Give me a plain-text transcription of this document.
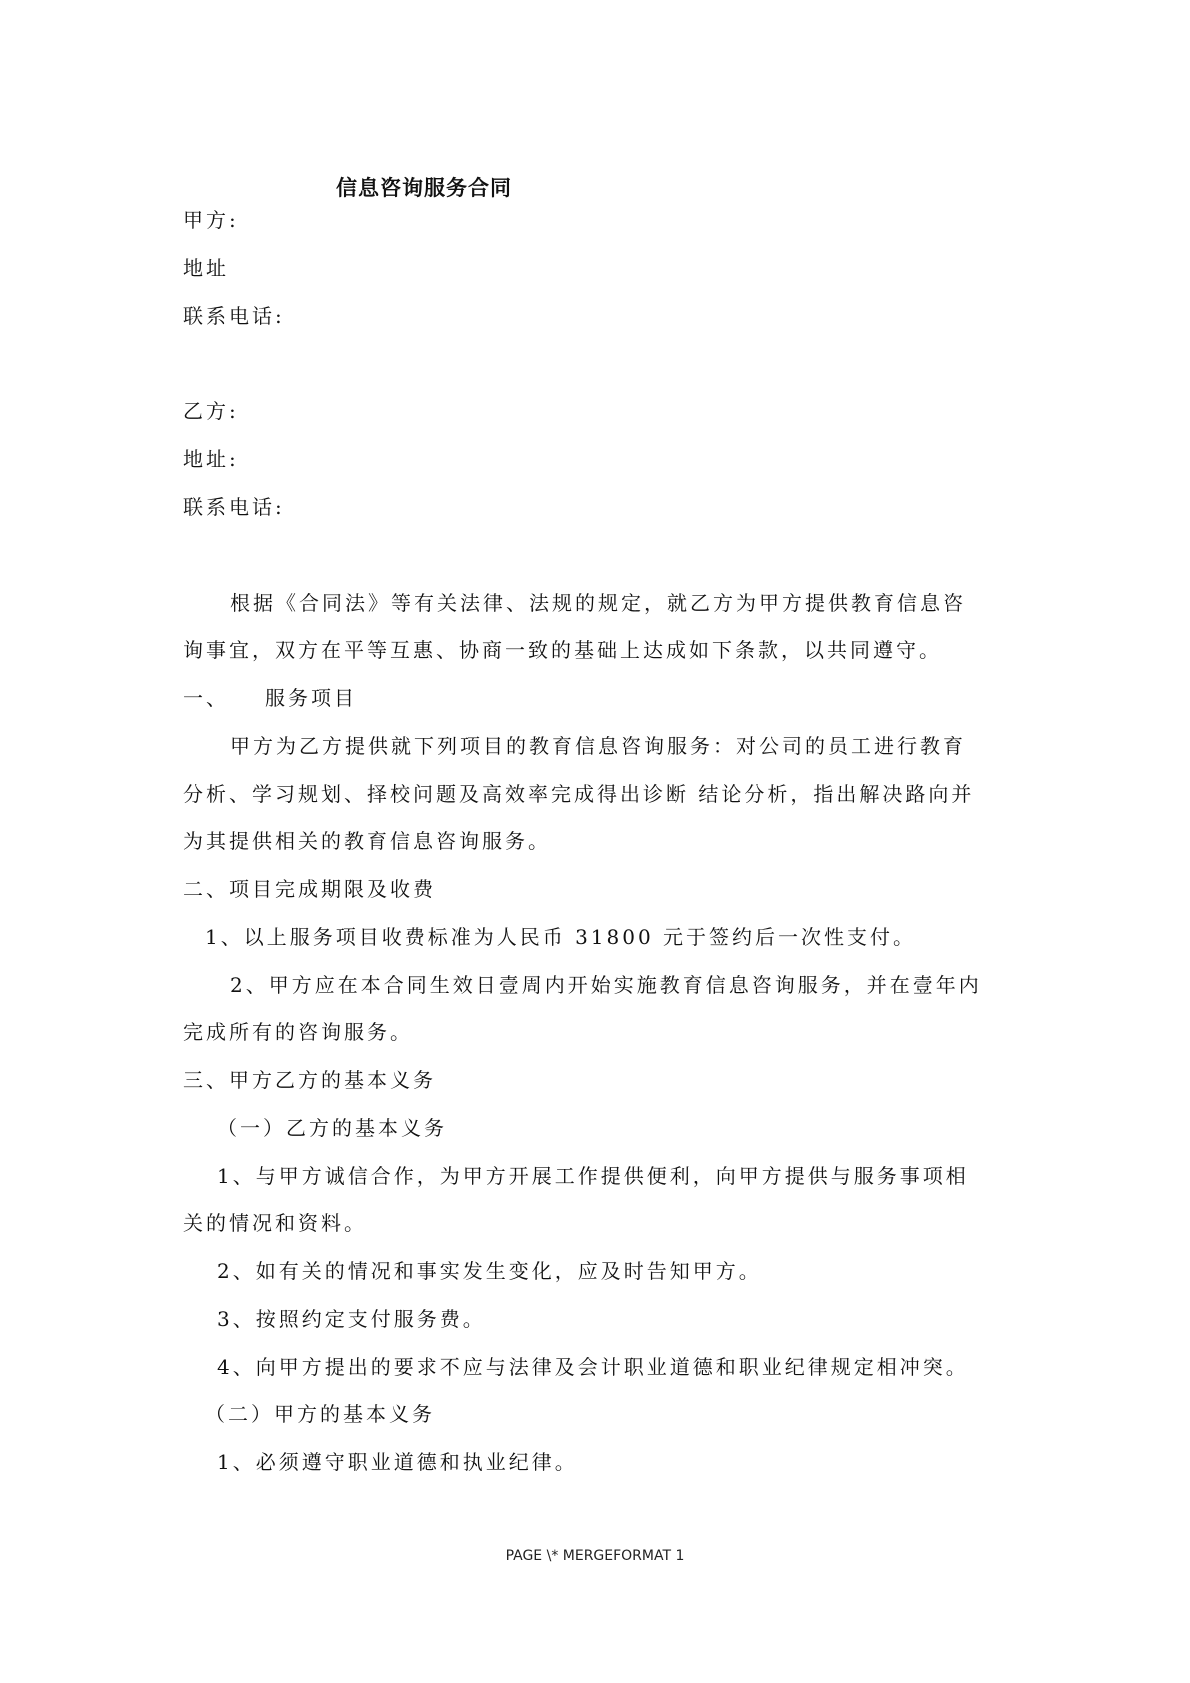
信息咨询服务合同
甲方:
地址
联系电话:
乙方:
地址:
联系电话:
根据《合同法》等有关法律、法规的规定，就乙方为甲方提供教育信息咨
询事宜，双方在平等互惠、协商一致的基础上达成如下条款，以共同遵守。
一、 服务项目
甲方为乙方提供就下列项目的教育信息咨询服务：对公司的员工进行教育
分析、学习规划、择校问题及高效率完成得出诊断 结论分析，指出解决路向并
为其提供相关的教育信息咨询服务。
二、项目完成期限及收费
1、以上服务项目收费标准为人民币 31800 元于签约后一次性支付。
2、甲方应在本合同生效日壹周内开始实施教育信息咨询服务，并在壹年内
完成所有的咨询服务。
三、甲方乙方的基本义务
（一）乙方的基本义务
1、与甲方诚信合作，为甲方开展工作提供便利，向甲方提供与服务事项相
关的情况和资料。
2、如有关的情况和事实发生变化，应及时告知甲方。
3、按照约定支付服务费。
4、向甲方提出的要求不应与法律及会计职业道德和职业纪律规定相冲突。
（二）甲方的基本义务
1、必须遵守职业道德和执业纪律。
PAGE \* MERGEFORMAT 1
